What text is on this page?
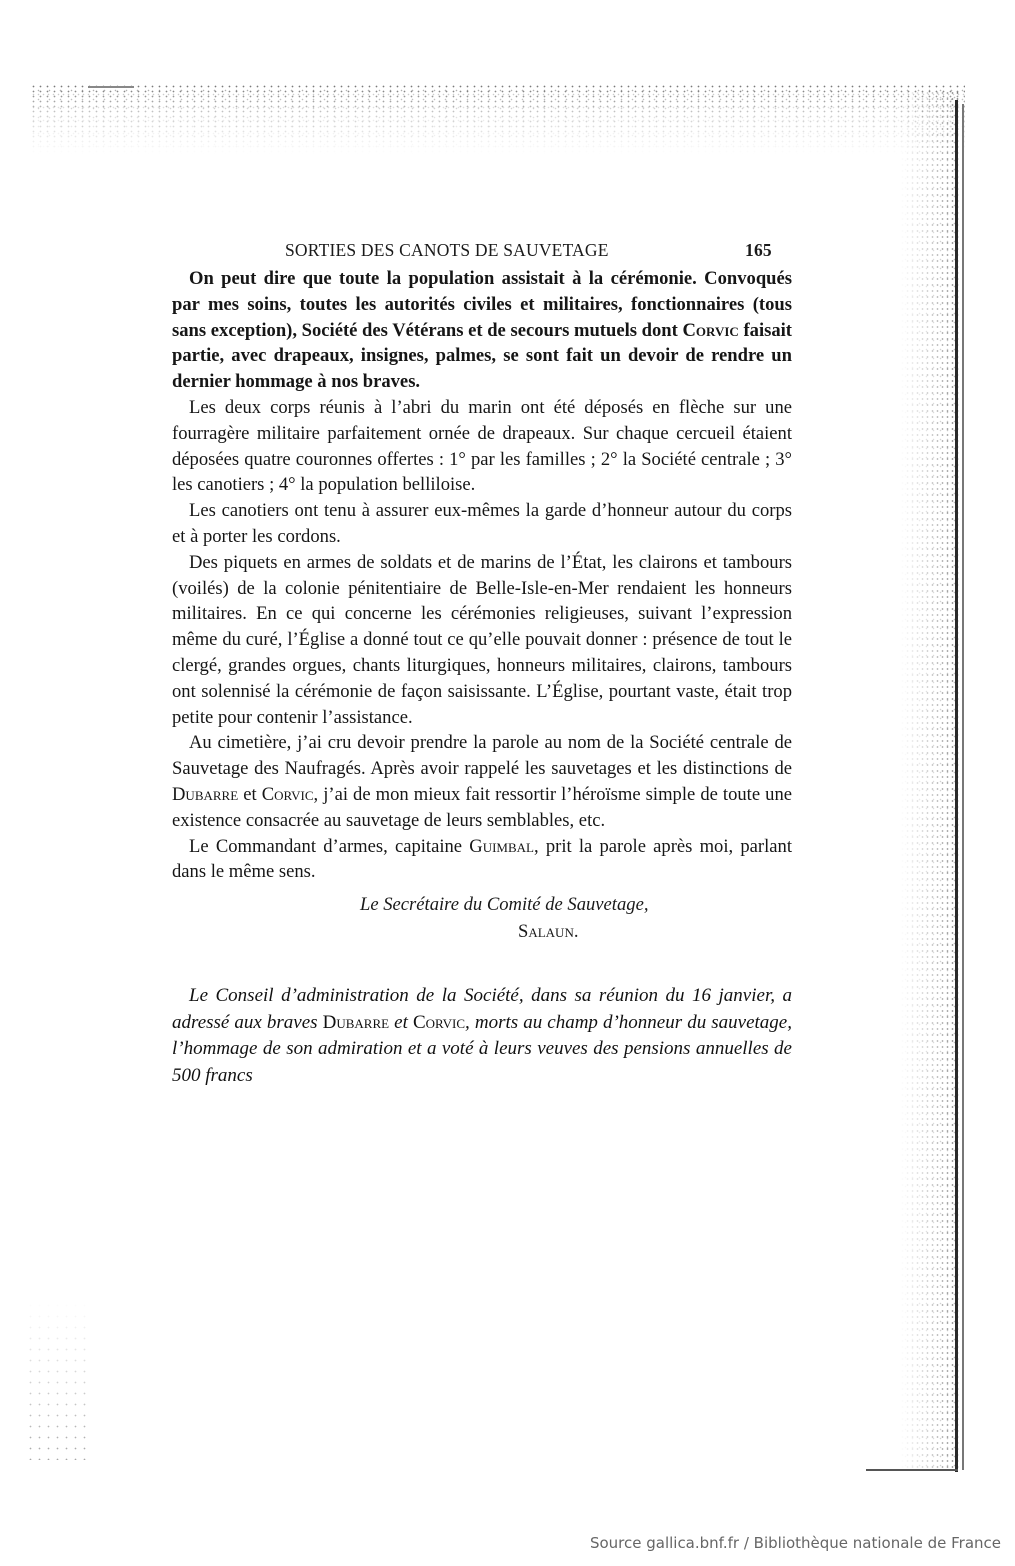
SORTIES DES CANOTS DE SAUVETAGE	165

On peut dire que toute la population assistait à la cérémonie. Convoqués par mes soins, toutes les autorités civiles et militaires, fonctionnaires (tous sans exception), Société des Vétérans et de secours mutuels dont Corvic faisait partie, avec drapeaux, insignes, palmes, se sont fait un devoir de rendre un dernier hommage à nos braves.

Les deux corps réunis à l’abri du marin ont été déposés en flèche sur une fourragère militaire parfaitement ornée de drapeaux. Sur chaque cercueil étaient déposées quatre couronnes offertes : 1° par les familles ; 2° la Société centrale ; 3° les canotiers ; 4° la population belliloise.

Les canotiers ont tenu à assurer eux-mêmes la garde d’honneur autour du corps et à porter les cordons.

Des piquets en armes de soldats et de marins de l’État, les clairons et tambours (voilés) de la colonie pénitentiaire de Belle-Isle-en-Mer rendaient les honneurs militaires. En ce qui concerne les cérémonies religieuses, suivant l’expression même du curé, l’Église a donné tout ce qu’elle pouvait donner : présence de tout le clergé, grandes orgues, chants liturgiques, honneurs militaires, clairons, tambours ont solennisé la cérémonie de façon saisissante. L’Église, pourtant vaste, était trop petite pour contenir l’assistance.

Au cimetière, j’ai cru devoir prendre la parole au nom de la Société centrale de Sauvetage des Naufragés. Après avoir rappelé les sauvetages et les distinctions de Dubarre et Corvic, j’ai de mon mieux fait ressortir l’héroïsme simple de toute une existence consacrée au sauvetage de leurs semblables, etc.

Le Commandant d’armes, capitaine Guimbal, prit la parole après moi, parlant dans le même sens.

Le Secrétaire du Comité de Sauvetage,
Salaun.

Le Conseil d’administration de la Société, dans sa réunion du 16 janvier, a adressé aux braves Dubarre et Corvic, morts au champ d’honneur du sauvetage, l’hommage de son admiration et a voté à leurs veuves des pensions annuelles de 500 francs

Source gallica.bnf.fr / Bibliothèque nationale de France
